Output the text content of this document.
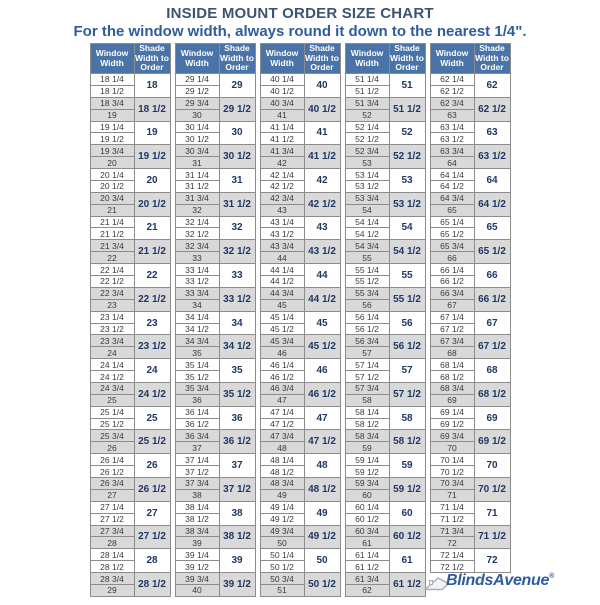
INSIDE MOUNT ORDER SIZE CHART
For the window width, always round it down to the nearest 1/4".
Window Width
Shade Width to Order
18 1/4
18 1/2
18
18 3/4
19
18 1/2
19 1/4
19 1/2
19
19 3/4
20
19 1/2
20 1/4
20 1/2
20
20 3/4
21
20 1/2
21 1/4
21 1/2
21
21 3/4
22
21 1/2
22 1/4
22 1/2
22
22 3/4
23
22 1/2
23 1/4
23 1/2
23
23 3/4
24
23 1/2
24 1/4
24 1/2
24
24 3/4
25
24 1/2
25 1/4
25 1/2
25
25 3/4
26
25 1/2
26 1/4
26 1/2
26
26 3/4
27
26 1/2
27 1/4
27 1/2
27
27 3/4
28
27 1/2
28 1/4
28 1/2
28
28 3/4
29
28 1/2
Window Width
Shade Width to Order
29 1/4
29 1/2
29
29 3/4
30
29 1/2
30 1/4
30 1/2
30
30 3/4
31
30 1/2
31 1/4
31 1/2
31
31 3/4
32
31 1/2
32 1/4
32 1/2
32
32 3/4
33
32 1/2
33 1/4
33 1/2
33
33 3/4
34
33 1/2
34 1/4
34 1/2
34
34 3/4
35
34 1/2
35 1/4
35 1/2
35
35 3/4
36
35 1/2
36 1/4
36 1/2
36
36 3/4
37
36 1/2
37 1/4
37 1/2
37
37 3/4
38
37 1/2
38 1/4
38 1/2
38
38 3/4
39
38 1/2
39 1/4
39 1/2
39
39 3/4
40
39 1/2
Window Width
Shade Width to Order
40 1/4
40 1/2
40
40 3/4
41
40 1/2
41 1/4
41 1/2
41
41 3/4
42
41 1/2
42 1/4
42 1/2
42
42 3/4
43
42 1/2
43 1/4
43 1/2
43
43 3/4
44
43 1/2
44 1/4
44 1/2
44
44 3/4
45
44 1/2
45 1/4
45 1/2
45
45 3/4
46
45 1/2
46 1/4
46 1/2
46
46 3/4
47
46 1/2
47 1/4
47 1/2
47
47 3/4
48
47 1/2
48 1/4
48 1/2
48
48 3/4
49
48 1/2
49 1/4
49 1/2
49
49 3/4
50
49 1/2
50 1/4
50 1/2
50
50 3/4
51
50 1/2
Window Width
Shade Width to Order
51 1/4
51 1/2
51
51 3/4
52
51 1/2
52 1/4
52 1/2
52
52 3/4
53
52 1/2
53 1/4
53 1/2
53
53 3/4
54
53 1/2
54 1/4
54 1/2
54
54 3/4
55
54 1/2
55 1/4
55 1/2
55
55 3/4
56
55 1/2
56 1/4
56 1/2
56
56 3/4
57
56 1/2
57 1/4
57 1/2
57
57 3/4
58
57 1/2
58 1/4
58 1/2
58
58 3/4
59
58 1/2
59 1/4
59 1/2
59
59 3/4
60
59 1/2
60 1/4
60 1/2
60
60 3/4
61
60 1/2
61 1/4
61 1/2
61
61 3/4
62
61 1/2
Window Width
Shade Width to Order
62 1/4
62 1/2
62
62 3/4
63
62 1/2
63 1/4
63 1/2
63
63 3/4
64
63 1/2
64 1/4
64 1/2
64
64 3/4
65
64 1/2
65 1/4
65 1/2
65
65 3/4
66
65 1/2
66 1/4
66 1/2
66
66 3/4
67
66 1/2
67 1/4
67 1/2
67
67 3/4
68
67 1/2
68 1/4
68 1/2
68
68 3/4
69
68 1/2
69 1/4
69 1/2
69
69 3/4
70
69 1/2
70 1/4
70 1/2
70
70 3/4
71
70 1/2
71 1/4
71 1/2
71
71 3/4
72
71 1/2
72 1/4
72 1/2
72
BlindsAvenue ®
